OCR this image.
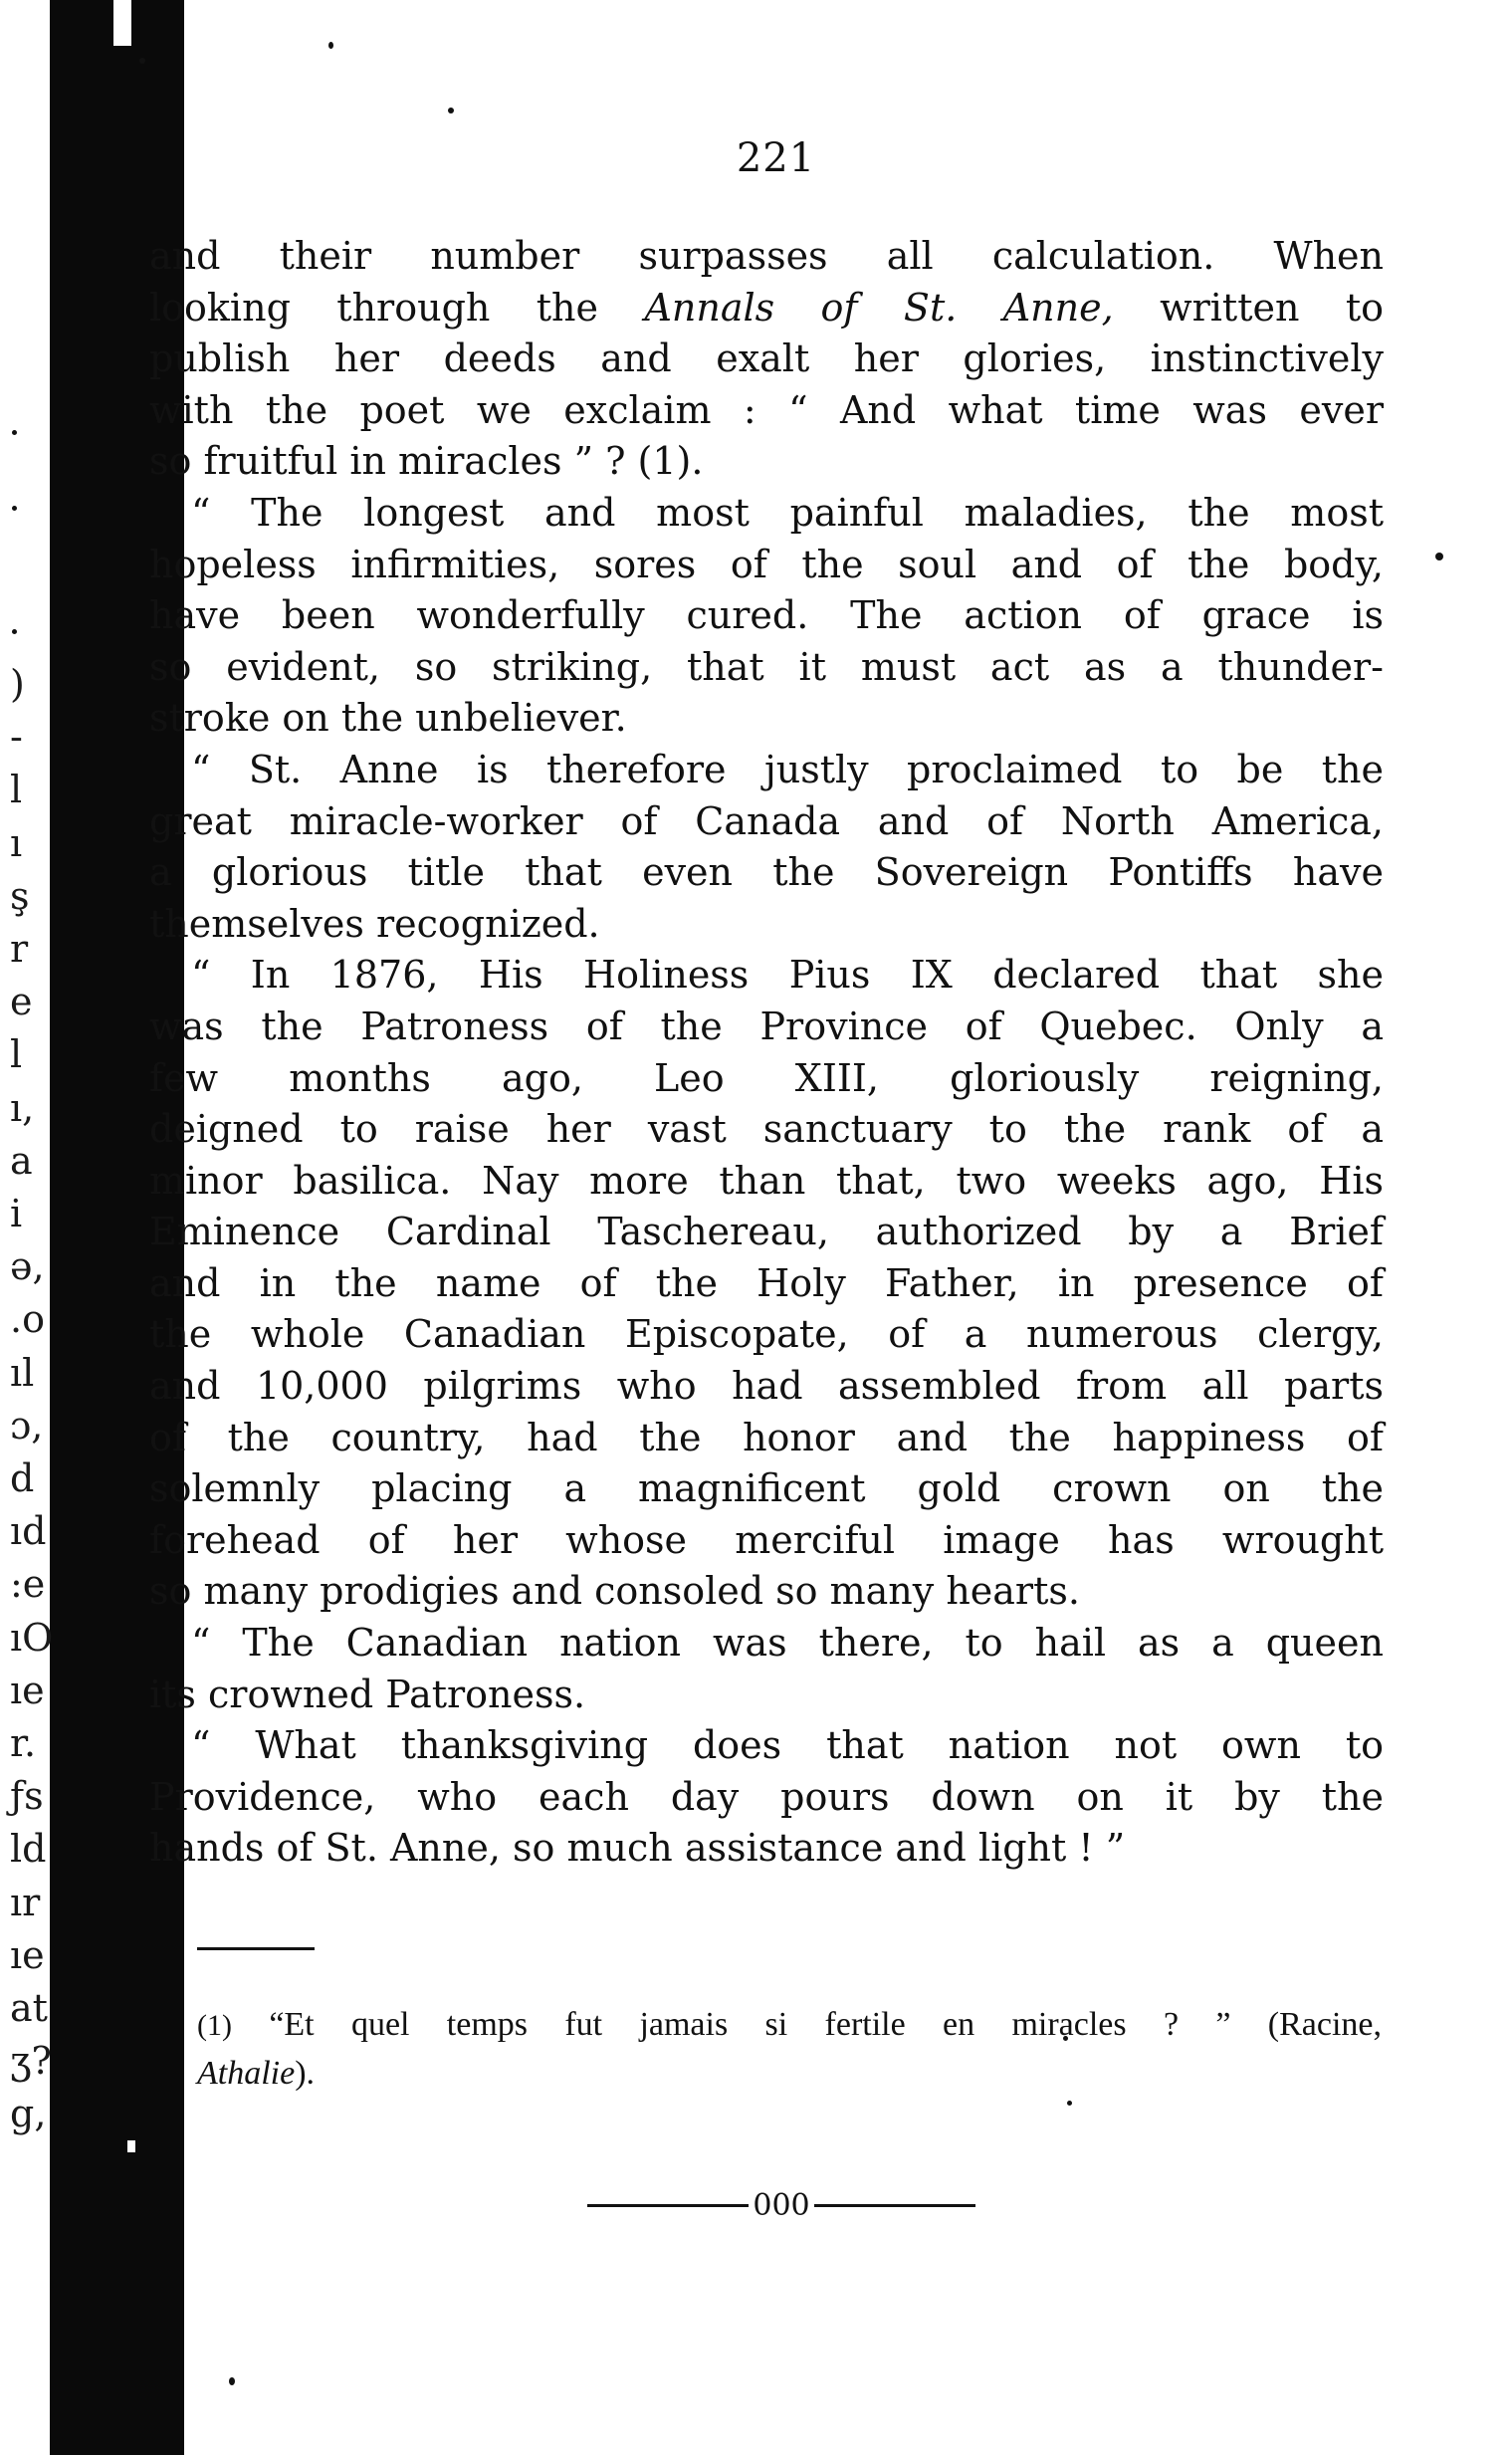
)
-
l
ı
ş
r
e
l
ı,
a
i
ə,
.o
ıl
ɔ,
d
ıd
:e
ıO
ıe
r.
ƒs
ld
ır
ıe
at
ʒ?
g,
221
and their number surpasses all calculation. When
looking through the Annals of St. Anne, written to
publish her deeds and exalt her glories, instinctively
with the poet we exclaim : “ And what time was ever
so fruitful in miracles ” ? (1).
“ The longest and most painful maladies, the most
hopeless infirmities, sores of the soul and of the body,
have been wonderfully cured. The action of grace is
so evident, so striking, that it must act as a thunder-
stroke on the unbeliever.
“ St. Anne is therefore justly proclaimed to be the
great miracle-worker of Canada and of North America,
a glorious title that even the Sovereign Pontiffs have
themselves recognized.
“ In 1876, His Holiness Pius IX declared that she
was the Patroness of the Province of Quebec. Only a
few months ago, Leo XIII, gloriously reigning,
deigned to raise her vast sanctuary to the rank of a
minor basilica. Nay more than that, two weeks ago, His
Eminence Cardinal Taschereau, authorized by a Brief
and in the name of the Holy Father, in presence of
the whole Canadian Episcopate, of a numerous clergy,
and 10,000 pilgrims who had assembled from all parts
of the country, had the honor and the happiness of
solemnly placing a magnificent gold crown on the
forehead of her whose merciful image has wrought
so many prodigies and consoled so many hearts.
“ The Canadian nation was there, to hail as a queen
its crowned Patroness.
“ What thanksgiving does that nation not own to
Providence, who each day pours down on it by the
hands of St. Anne, so much assistance and light ! ”
(1) “Et quel temps fut jamais si fertile en miracles ? ” (Racine,
Athalie).
000
